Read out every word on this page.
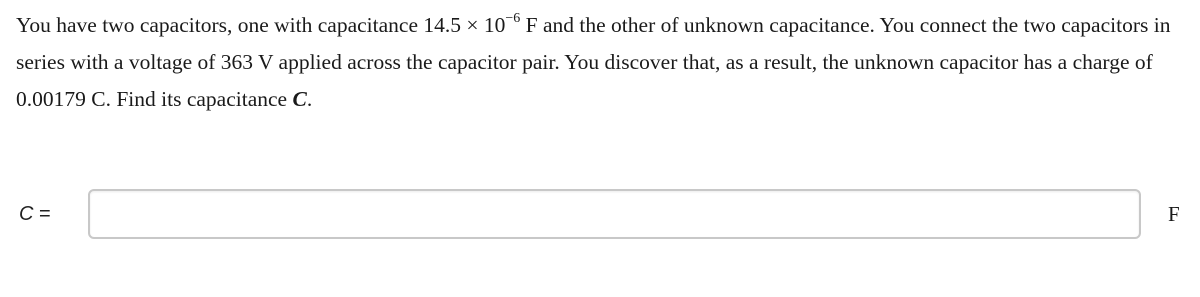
You have two capacitors, one with capacitance $14.5 \times 10^{-6}$ F and the other of unknown capacitance. You connect the two capacitors in series with a voltage of 363 V applied across the capacitor pair. You discover that, as a result, the unknown capacitor has a charge of 0.00179 C. Find its capacitance C.

C =	F
